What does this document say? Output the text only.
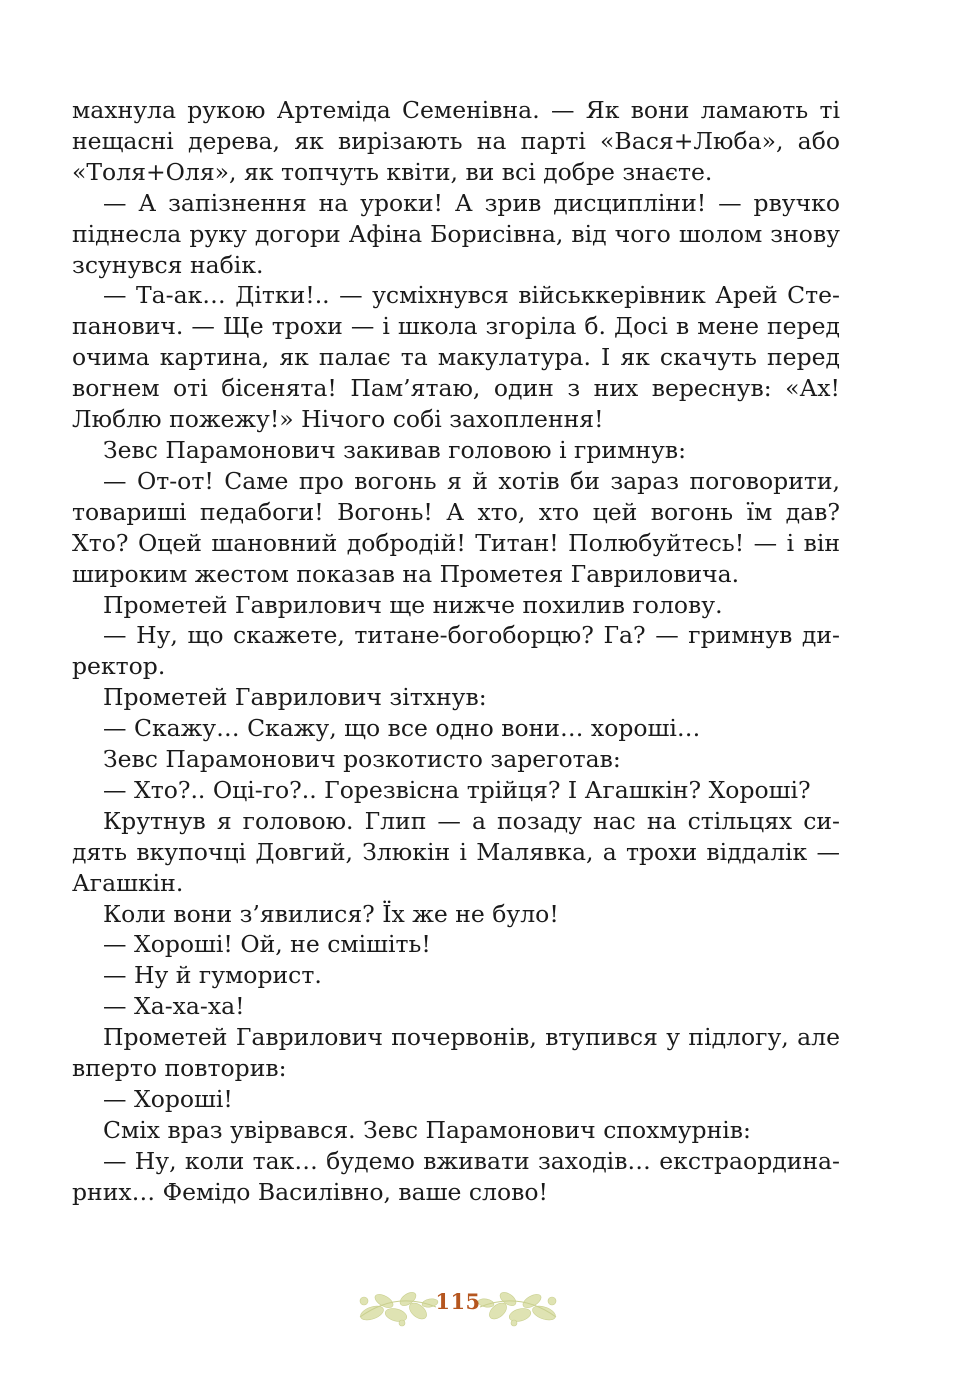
махнула рукою Артеміда Семенівна. — Як вони ламають ті нещасні дерева, як вирізають на парті «Вася+Люба», або «Толя+Оля», як топчуть квіти, ви всі добре знаєте.

— А запізнення на уроки! А зрив дисципліни! — рвучко піднесла руку догори Афіна Борисівна, від чого шолом знову зсунувся набік.

— Та-ак… Дітки!.. — усміхнувся військкерівник Арей Степанович. — Ще трохи — і школа згоріла б. Досі в мене перед очима картина, як палає та макулатура. І як скачуть перед вогнем оті бісенята! Пам’ятаю, один з них вереснув: «Ах! Люблю пожежу!» Нічого собі захоплення!

Зевс Парамонович закивав головою і гримнув:

— От-от! Саме про вогонь я й хотів би зараз поговорити, товариші педабоги! Вогонь! А хто, хто цей вогонь їм дав? Хто? Оцей шановний добродій! Титан! Полюбуйтесь! — і він широким жестом показав на Прометея Гавриловича.

Прометей Гаврилович ще нижче похилив голову.

— Ну, що скажете, титане-богоборцю? Га? — гримнув директор.

Прометей Гаврилович зітхнув:

— Скажу… Скажу, що все одно вони… хороші…

Зевс Парамонович розкотисто зареготав:

— Хто?.. Оці-го?.. Горезвісна трійця? І Агашкін? Хороші?

Крутнув я головою. Глип — а позаду нас на стільцях сидять вкупочці Довгий, Злюкін і Малявка, а трохи віддалік — Агашкін.

Коли вони з’явилися? Їх же не було!

— Хороші! Ой, не смішіть!

— Ну й гуморист.

— Ха-ха-ха!

Прометей Гаврилович почервонів, втупився у підлогу, але вперто повторив:

— Хороші!

Сміх враз увірвався. Зевс Парамонович спохмурнів:

— Ну, коли так… будемо вживати заходів… екстраординарних… Фемідо Василівно, ваше слово!

115
